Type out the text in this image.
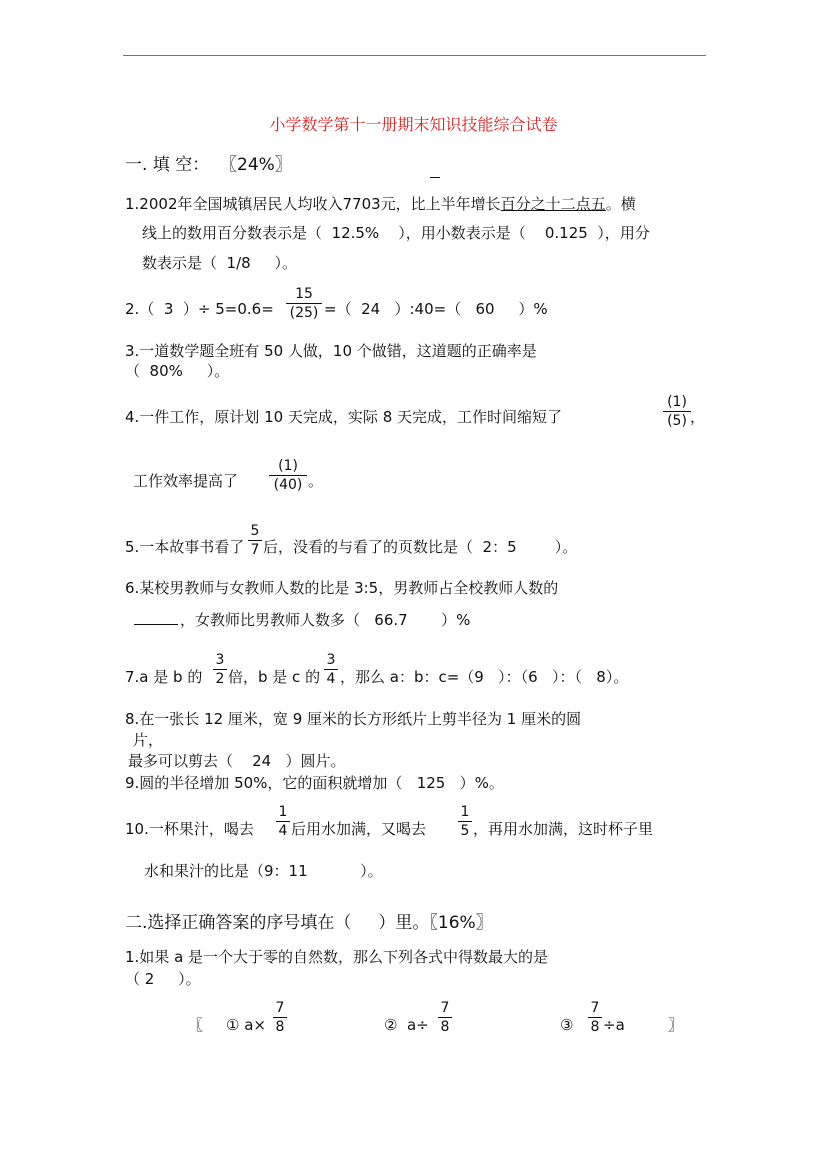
小学数学第十一册期末知识技能综合试卷
一. 填 空：  〖24%〗
1.2002年全国城镇居民人均收入7703元，比上半年增长百分之十二点五。横
线上的数用百分数表示是（  12.5%    ），用小数表示是（    0.125  ），用分
数表示是（  1/8     ）。
2.（  3  ）÷ 5=0.6=
15
(25) =（  24   ）:40=（   60     ）%
3.一道数学题全班有 50 人做，10 个做错，这道题的正确率是
（  80%     ）。
4.一件工作，原计划 10 天完成，实际 8 天完成，工作时间缩短了
(1)
(5) ，
工作效率提高了
(1)
(40) 。
5.一本故事书看了
5
7 后，没看的与看了的页数比是（  2：5        ）。
6.某校男教师与女教师人数的比是 3:5，男教师占全校教师人数的
，女教师比男教师人数多（   66.7       ）%
7.a 是 b 的
3
2 倍，b 是 c 的
3
4 ，那么 a：b：c=（9   ）：（6   ）：（   8）。
8.在一张长 12 厘米，宽 9 厘米的长方形纸片上剪半径为 1 厘米的圆
片，
最多可以剪去（    24   ）圆片。
9.圆的半径增加 50%，它的面积就增加（   125   ）%。
10.一杯果汁，喝去
1
4 后用水加满，又喝去
1
5 ，再用水加满，这时杯子里
水和果汁的比是（9：11           ）。
二.选择正确答案的序号填在（     ）里。〖16%〗
1.如果 a 是一个大于零的自然数，那么下列各式中得数最大的是
（ 2     ）。
〖 ① a×
7
8	②  a÷
7
8	③
7
8 ÷a	〗
